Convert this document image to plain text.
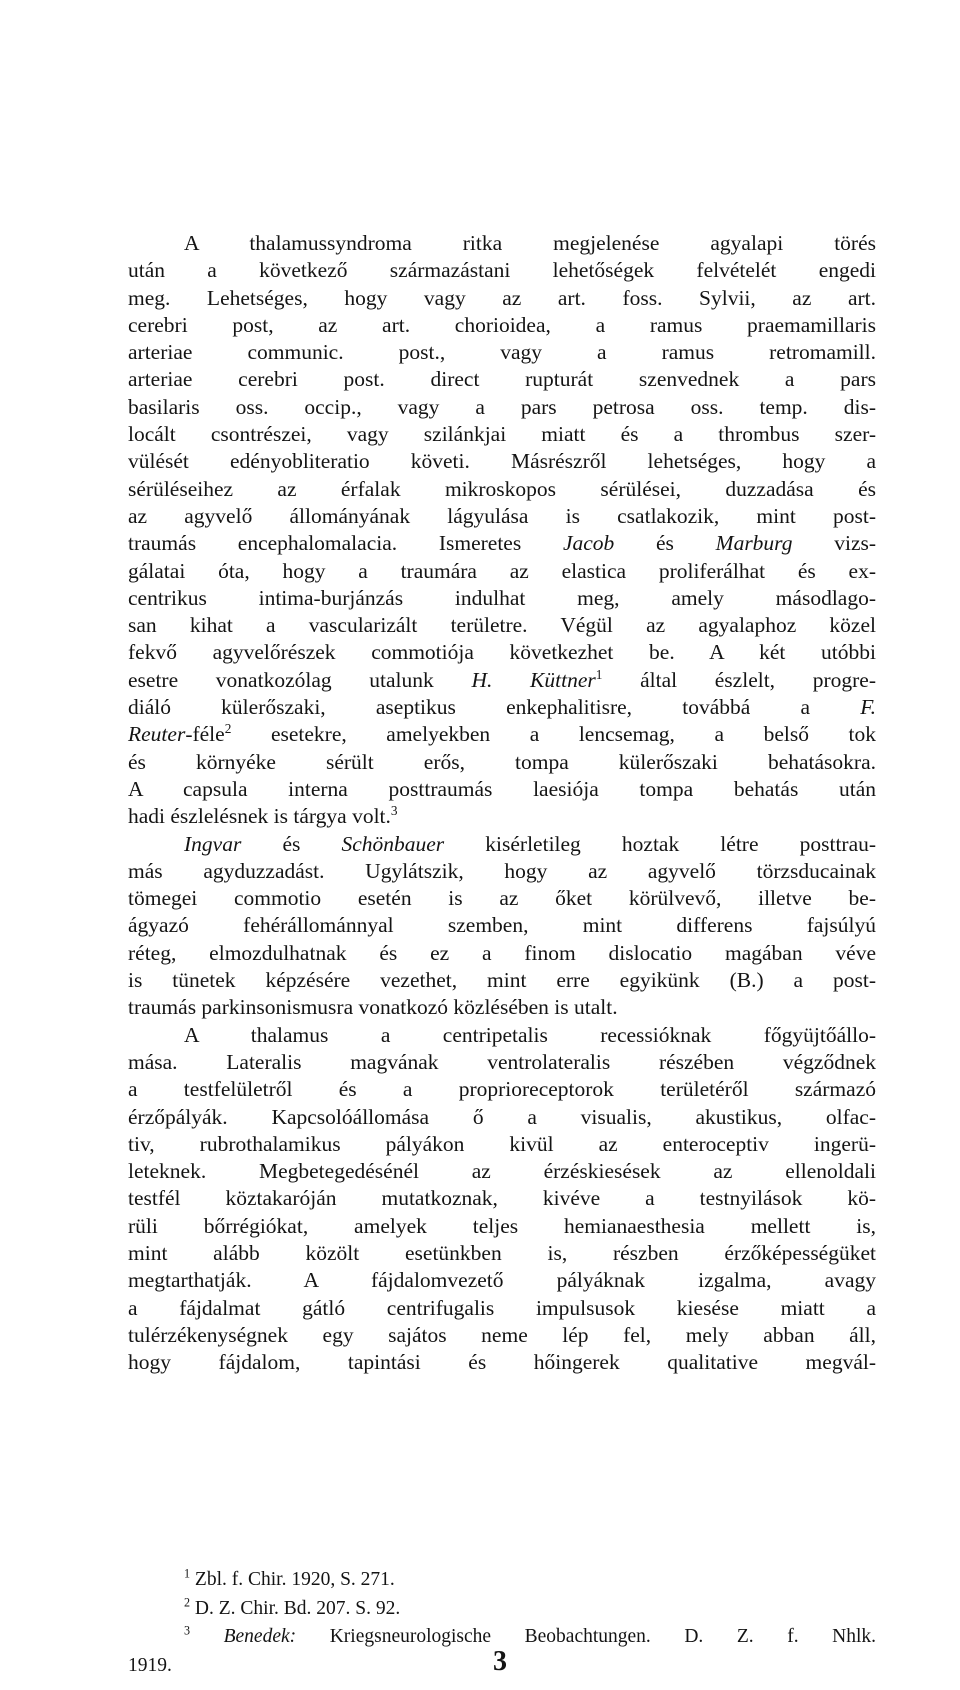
A thalamussyndroma ritka megjelenése agyalapi törés
után a következő származástani lehetőségek felvételét engedi
meg. Lehetséges, hogy vagy az art. foss. Sylvii, az art.
cerebri post, az art. chorioidea, a ramus praemamillaris
arteriae communic. post., vagy a ramus retromamill.
arteriae cerebri post. direct rupturát szenvednek a pars
basilaris oss. occip., vagy a pars petrosa oss. temp. dis-
locált csontrészei, vagy szilánkjai miatt és a thrombus szer-
vülését edényobliteratio követi. Másrészről lehetséges, hogy a
sérüléseihez az érfalak mikroskopos sérülései, duzzadása és
az agyvelő állományának lágyulása is csatlakozik, mint post-
traumás encephalomalacia. Ismeretes Jacob és Marburg vizs-
gálatai óta, hogy a traumára az elastica proliferálhat és ex-
centrikus intima-burjánzás indulhat meg, amely másodlago-
san kihat a vascularizált területre. Végül az agyalaphoz közel
fekvő agyvelőrészek commotiója következhet be. A két utóbbi
esetre vonatkozólag utalunk H. Küttner$^1$ által észlelt, progre-
diáló külerőszaki, aseptikus enkephalitisre, továbbá a F.
Reuter-féle$^2$ esetekre, amelyekben a lencsemag, a belső tok
és környéke sérült erős, tompa külerőszaki behatásokra.
A capsula interna posttraumás laesiója tompa behatás után
hadi észlelésnek is tárgya volt.$^3$
Ingvar és Schönbauer kisérletileg hoztak létre posttrau-
más agyduzzadást. Ugylátszik, hogy az agyvelő törzsducainak
tömegei commotio esetén is az őket körülvevő, illetve be-
ágyazó fehérállománnyal szemben, mint differens fajsúlyú
réteg, elmozdulhatnak és ez a finom dislocatio magában véve
is tünetek képzésére vezethet, mint erre egyikünk (B.) a post-
traumás parkinsonismusra vonatkozó közlésében is utalt.
A thalamus a centripetalis recessióknak főgyüjtőállo-
mása. Lateralis magvának ventrolateralis részében végződnek
a testfelületről és a proprioreceptorok területéről származó
érzőpályák. Kapcsolóállomása ő a visualis, akustikus, olfac-
tiv, rubrothalamikus pályákon kivül az enteroceptiv ingerü-
leteknek. Megbetegedésénél az érzéskiesések az ellenoldali
testfél köztakaróján mutatkoznak, kivéve a testnyilások kö-
rüli bőrrégiókat, amelyek teljes hemianaesthesia mellett is,
mint alább közölt esetünkben is, részben érzőképességüket
megtarthatják. A fájdalomvezető pályáknak izgalma, avagy
a fájdalmat gátló centrifugalis impulsusok kiesése miatt a
tulérzékenységnek egy sajátos neme lép fel, mely abban áll,
hogy fájdalom, tapintási és hőingerek qualitative megvál-
$^1$ Zbl. f. Chir. 1920, S. 271.
$^2$ D. Z. Chir. Bd. 207. S. 92.
$^3$ Benedek: Kriegsneurologische Beobachtungen. D. Z. f. Nhlk.
1919.	3
